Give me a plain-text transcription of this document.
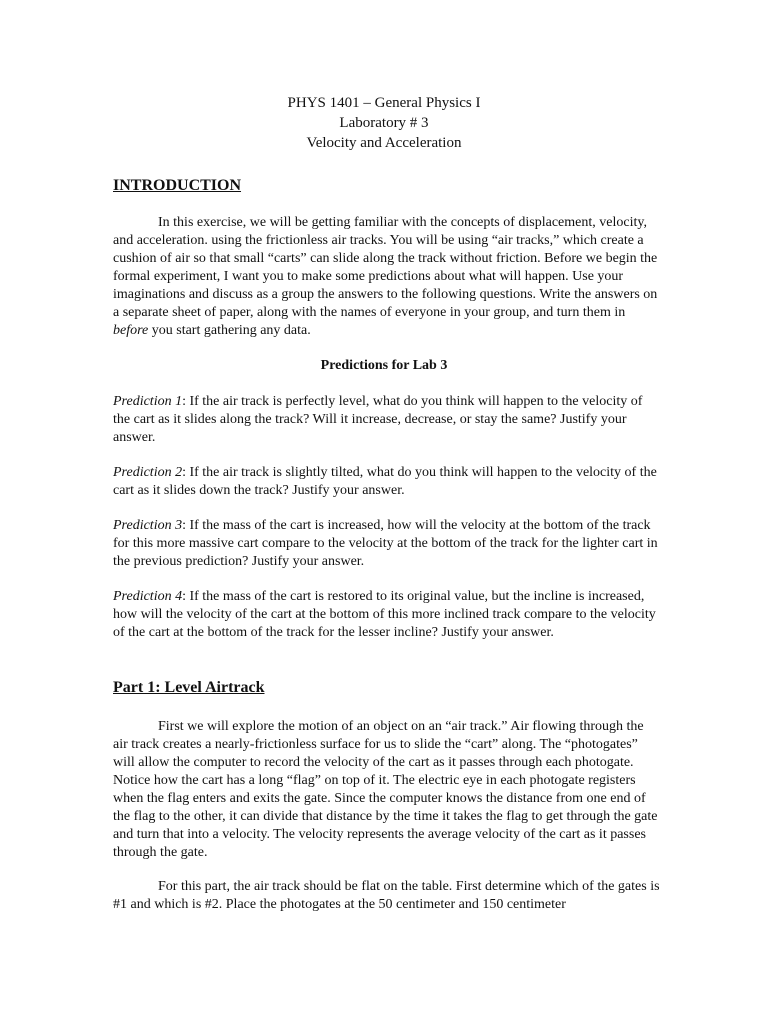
PHYS 1401 – General Physics I
Laboratory # 3
Velocity and Acceleration
INTRODUCTION

In this exercise, we will be getting familiar with the concepts of displacement, velocity, and acceleration. using the frictionless air tracks. You will be using “air tracks,” which create a cushion of air so that small “carts” can slide along the track without friction. Before we begin the formal experiment, I want you to make some predictions about what will happen. Use your imaginations and discuss as a group the answers to the following questions. Write the answers on a separate sheet of paper, along with the names of everyone in your group, and turn them in before you start gathering any data.

Predictions for Lab 3

Prediction 1: If the air track is perfectly level, what do you think will happen to the velocity of the cart as it slides along the track? Will it increase, decrease, or stay the same? Justify your answer.

Prediction 2: If the air track is slightly tilted, what do you think will happen to the velocity of the cart as it slides down the track? Justify your answer.

Prediction 3: If the mass of the cart is increased, how will the velocity at the bottom of the track for this more massive cart compare to the velocity at the bottom of the track for the lighter cart in the previous prediction? Justify your answer.

Prediction 4: If the mass of the cart is restored to its original value, but the incline is increased, how will the velocity of the cart at the bottom of this more inclined track compare to the velocity of the cart at the bottom of the track for the lesser incline? Justify your answer.

Part 1: Level Airtrack

First we will explore the motion of an object on an “air track.” Air flowing through the air track creates a nearly-frictionless surface for us to slide the “cart” along. The “photogates” will allow the computer to record the velocity of the cart as it passes through each photogate. Notice how the cart has a long “flag” on top of it. The electric eye in each photogate registers when the flag enters and exits the gate. Since the computer knows the distance from one end of the flag to the other, it can divide that distance by the time it takes the flag to get through the gate and turn that into a velocity. The velocity represents the average velocity of the cart as it passes through the gate.

For this part, the air track should be flat on the table. First determine which of the gates is #1 and which is #2. Place the photogates at the 50 centimeter and 150 centimeter
